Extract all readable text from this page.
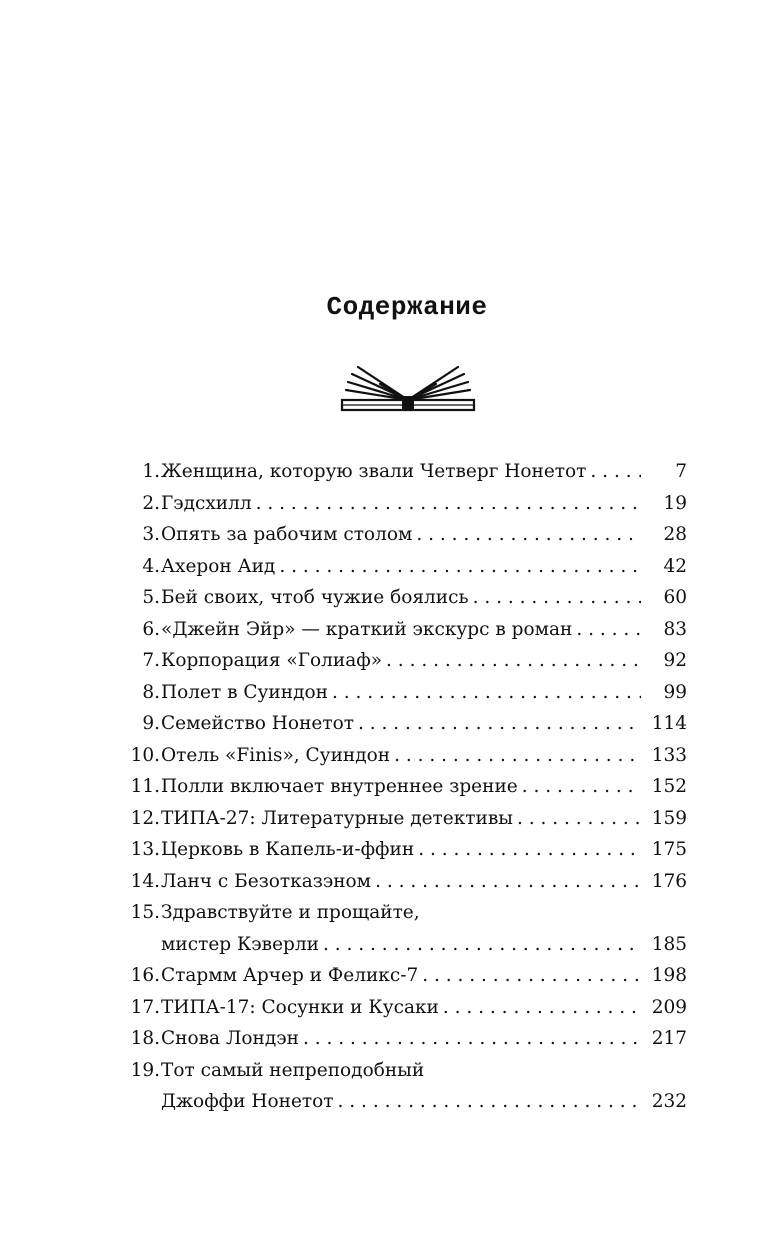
Содержание
1. Женщина, которую звали Четверг Нонетот . . .	7
2. Гэдсхилл . . .	19
3. Опять за рабочим столом . . .	28
4. Ахерон Аид . . .	42
5. Бей своих, чтоб чужие боялись . . .	60
6. «Джейн Эйр» — краткий экскурс в роман . . .	83
7. Корпорация «Голиаф» . . .	92
8. Полет в Суиндон . . .	99
9. Семейство Нонетот . . .	114
10. Отель «Finis», Суиндон . . .	133
11. Полли включает внутреннее зрение . . .	152
12. ТИПА-27: Литературные детективы . . .	159
13. Церковь в Капель-и-ффин . . .	175
14. Ланч с Безотказэном . . .	176
15. Здравствуйте и прощайте,
мистер Кэверли . . .	185
16. Стармм Арчер и Феликс-7 . . .	198
17. ТИПА-17: Сосунки и Кусаки . . .	209
18. Снова Лондэн . . .	217
19. Тот самый непреподобный
Джоффи Нонетот . . .	232
